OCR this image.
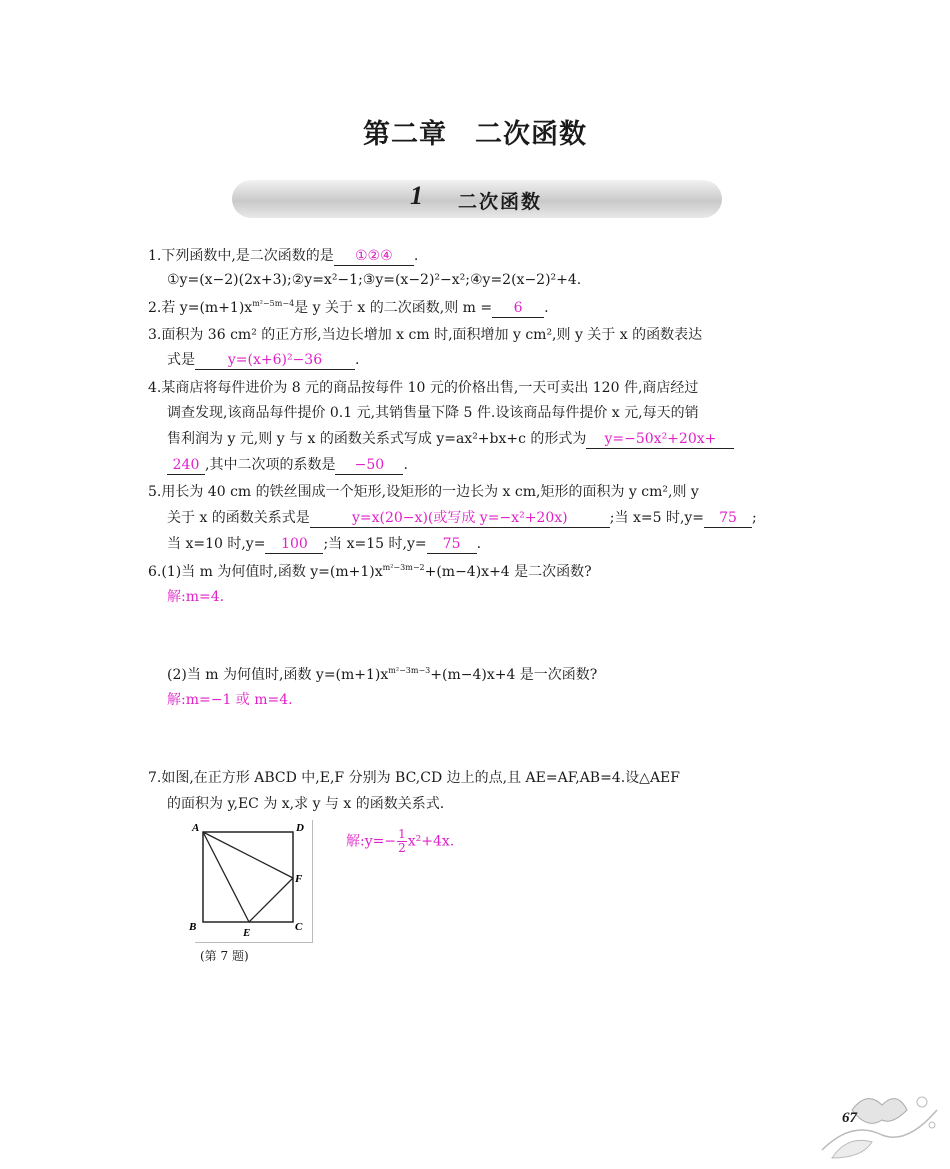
第二章　二次函数
1 二次函数
1.下列函数中,是二次函数的是 ①②④ .
①y=(x−2)(2x+3);②y=x²−1;③y=(x−2)²−x²;④y=2(x−2)²+4.
2.若 $y=(m+1)x^{m^2-5m-4}$是 y 关于 x 的二次函数,则 m = 6 .
3.面积为 36 cm² 的正方形,当边长增加 x cm 时,面积增加 y cm²,则 y 关于 x 的函数表达
式是 y=(x+6)²−36 .
4.某商店将每件进价为 8 元的商品按每件 10 元的价格出售,一天可卖出 120 件,商店经过
调查发现,该商品每件提价 0.1 元,其销售量下降 5 件.设该商品每件提价 x 元,每天的销
售利润为 y 元,则 y 与 x 的函数关系式写成 y=ax²+bx+c 的形式为 y=−50x²+20x+
240 ,其中二次项的系数是 −50 .
5.用长为 40 cm 的铁丝围成一个矩形,设矩形的一边长为 x cm,矩形的面积为 y cm²,则 y
关于 x 的函数关系式是	y=x(20−x)(或写成 y=−x²+20x)	;当 x=5 时,y= 75 ;
当 x=10 时,y= 100 ;当 x=15 时,y= 75 .
6.(1)当 m 为何值时,函数 $y=(m+1)x^{m^2-3m-2}+(m-4)x+4$ 是二次函数?
解:m=4.
(2)当 m 为何值时,函数 $y=(m+1)x^{m^2-3m-3}+(m-4)x+4$ 是一次函数?
解:m=−1 或 m=4.
7.如图,在正方形 ABCD 中,E,F 分别为 BC,CD 边上的点,且 AE=AF,AB=4.设△AEF
的面积为 y,EC 为 x,求 y 与 x 的函数关系式.
A	D
B	C
E
F
(第 7 题)
解:y=− $\frac{1}{2} x^2+4x$.
67
